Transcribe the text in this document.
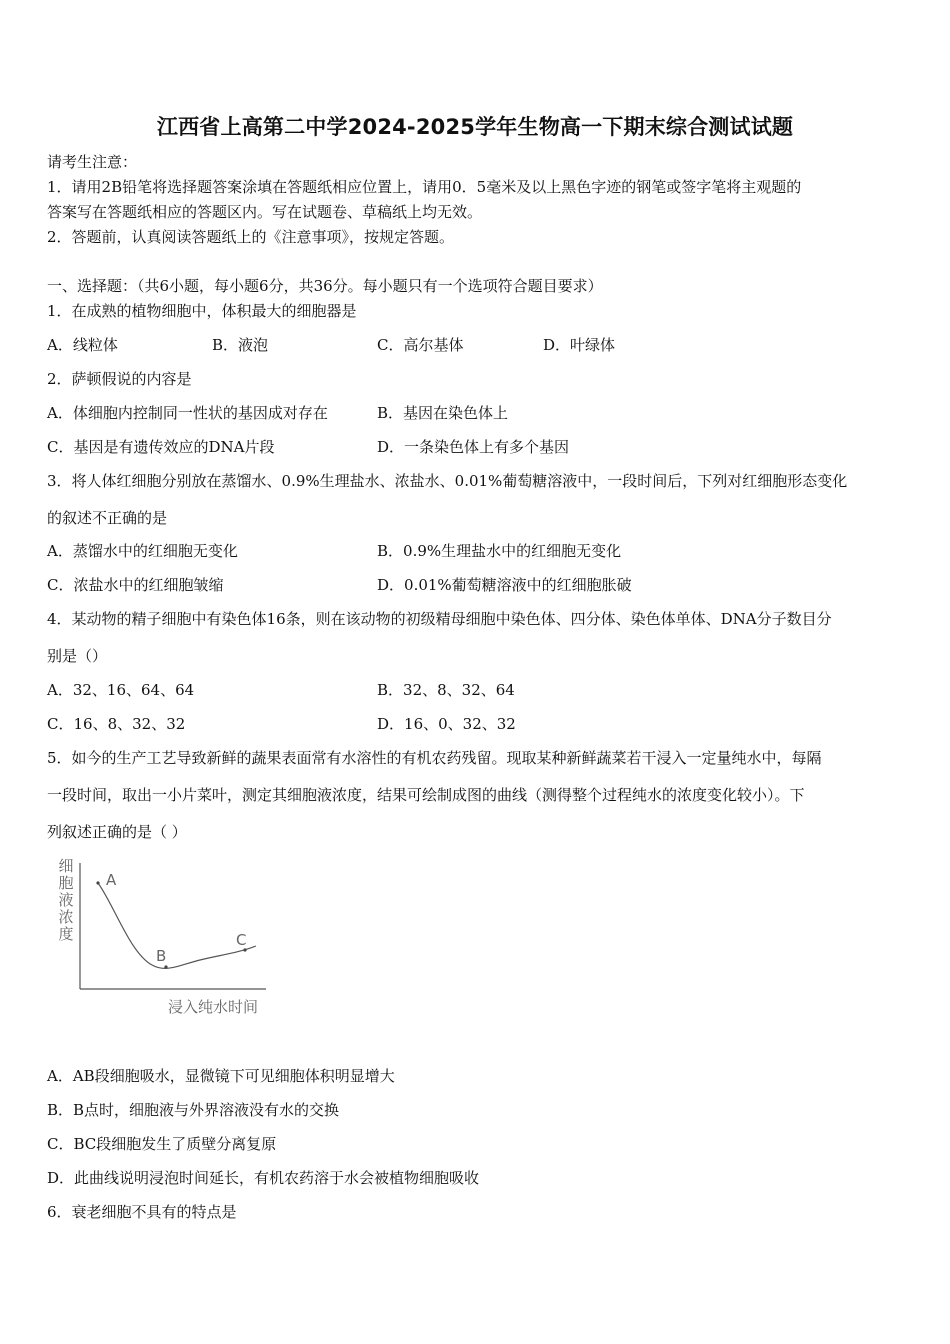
江西省上高第二中学2024-2025学年生物高一下期末综合测试试题
请考生注意：
1．请用2B铅笔将选择题答案涂填在答题纸相应位置上，请用0．5毫米及以上黑色字迹的钢笔或签字笔将主观题的
答案写在答题纸相应的答题区内。写在试题卷、草稿纸上均无效。
2．答题前，认真阅读答题纸上的《注意事项》，按规定答题。
一、选择题：（共6小题，每小题6分，共36分。每小题只有一个选项符合题目要求）
1．在成熟的植物细胞中，体积最大的细胞器是
A．线粒体	B．液泡	C．高尔基体	D．叶绿体
2．萨顿假说的内容是
A．体细胞内控制同一性状的基因成对存在	B．基因在染色体上
C．基因是有遗传效应的DNA片段	D．一条染色体上有多个基因
3．将人体红细胞分别放在蒸馏水、0.9%生理盐水、浓盐水、0.01%葡萄糖溶液中，一段时间后，下列对红细胞形态变化
的叙述不正确的是
A．蒸馏水中的红细胞无变化	B．0.9%生理盐水中的红细胞无变化
C．浓盐水中的红细胞皱缩	D．0.01%葡萄糖溶液中的红细胞胀破
4．某动物的精子细胞中有染色体16条，则在该动物的初级精母细胞中染色体、四分体、染色体单体、DNA分子数目分
别是（）
A．32、16、64、64	B．32、8、32、64
C．16、8、32、32	D．16、0、32、32
5．如今的生产工艺导致新鲜的蔬果表面常有水溶性的有机农药残留。现取某种新鲜蔬菜若干浸入一定量纯水中，每隔
一段时间，取出一小片菜叶，测定其细胞液浓度，结果可绘制成图的曲线（测得整个过程纯水的浓度变化较小）。下
列叙述正确的是（ ）
细
胞
液
浓
度
A
B
C
浸入纯水时间
A．AB段细胞吸水，显微镜下可见细胞体积明显增大
B．B点时，细胞液与外界溶液没有水的交换
C．BC段细胞发生了质壁分离复原
D．此曲线说明浸泡时间延长，有机农药溶于水会被植物细胞吸收
6．衰老细胞不具有的特点是
